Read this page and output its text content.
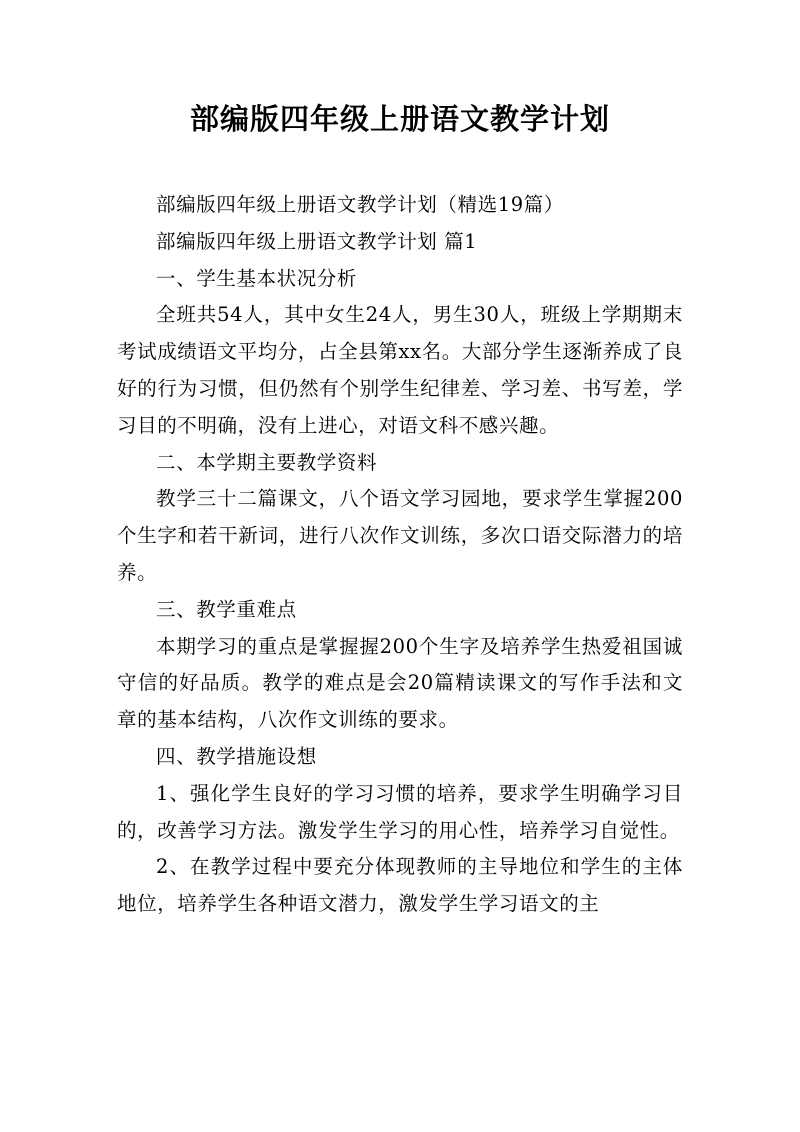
部编版四年级上册语文教学计划

部编版四年级上册语文教学计划（精选19篇）

部编版四年级上册语文教学计划 篇1

一、学生基本状况分析

全班共54人，其中女生24人，男生30人，班级上学期期末考试成绩语文平均分，占全县第xx名。大部分学生逐渐养成了良好的行为习惯，但仍然有个别学生纪律差、学习差、书写差，学习目的不明确，没有上进心，对语文科不感兴趣。

二、本学期主要教学资料

教学三十二篇课文，八个语文学习园地，要求学生掌握200个生字和若干新词，进行八次作文训练，多次口语交际潜力的培养。

三、教学重难点

本期学习的重点是掌握握200个生字及培养学生热爱祖国诚守信的好品质。教学的难点是会20篇精读课文的写作手法和文章的基本结构，八次作文训练的要求。

四、教学措施设想

1、强化学生良好的学习习惯的培养，要求学生明确学习目的，改善学习方法。激发学生学习的用心性，培养学习自觉性。

2、在教学过程中要充分体现教师的主导地位和学生的主体地位，培养学生各种语文潜力，激发学生学习语文的主
